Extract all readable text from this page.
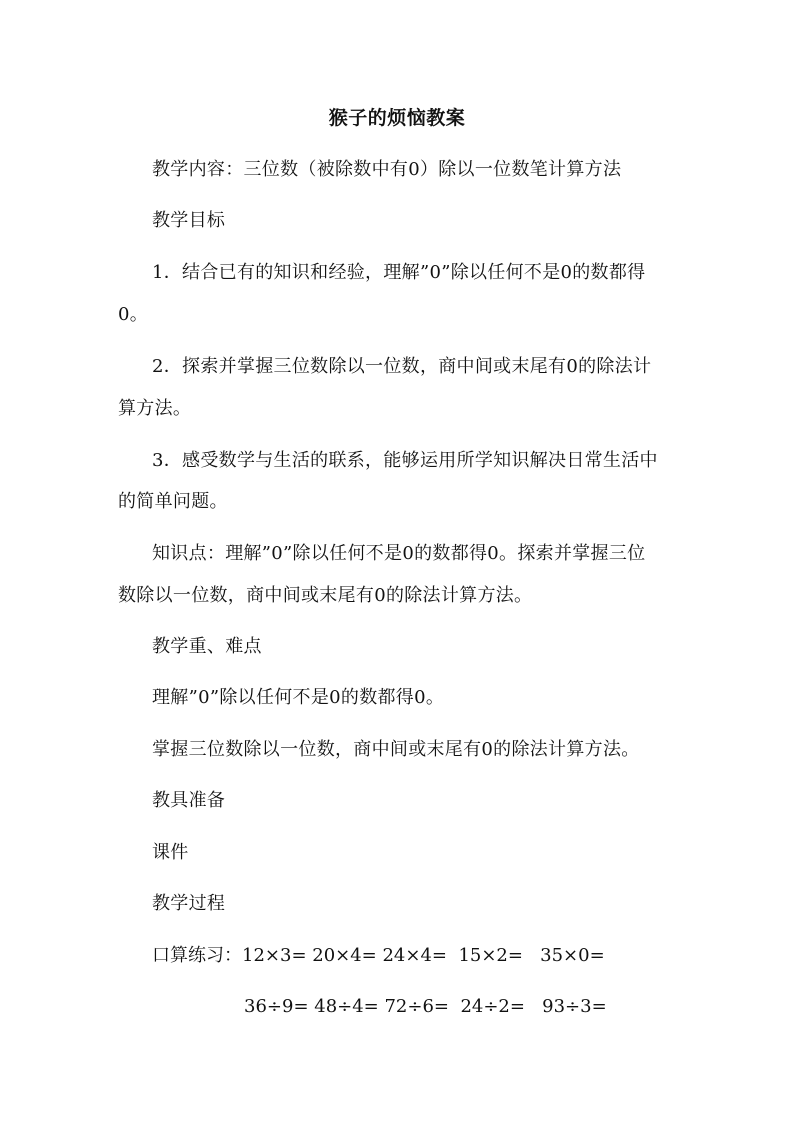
猴子的烦恼教案
教学内容：三位数（被除数中有0）除以一位数笔计算方法
教学目标
1．结合已有的知识和经验，理解”0”除以任何不是0的数都得
0。
2．探索并掌握三位数除以一位数，商中间或末尾有0的除法计
算方法。
3．感受数学与生活的联系，能够运用所学知识解决日常生活中
的简单问题。
知识点：理解”0”除以任何不是0的数都得0。探索并掌握三位
数除以一位数，商中间或末尾有0的除法计算方法。
教学重、难点
理解”0”除以任何不是0的数都得0。
掌握三位数除以一位数，商中间或末尾有0的除法计算方法。
教具准备
课件
教学过程
口算练习：12×3= 20×4= 24×4=  15×2=   35×0=
36÷9= 48÷4= 72÷6=  24÷2=   93÷3=
